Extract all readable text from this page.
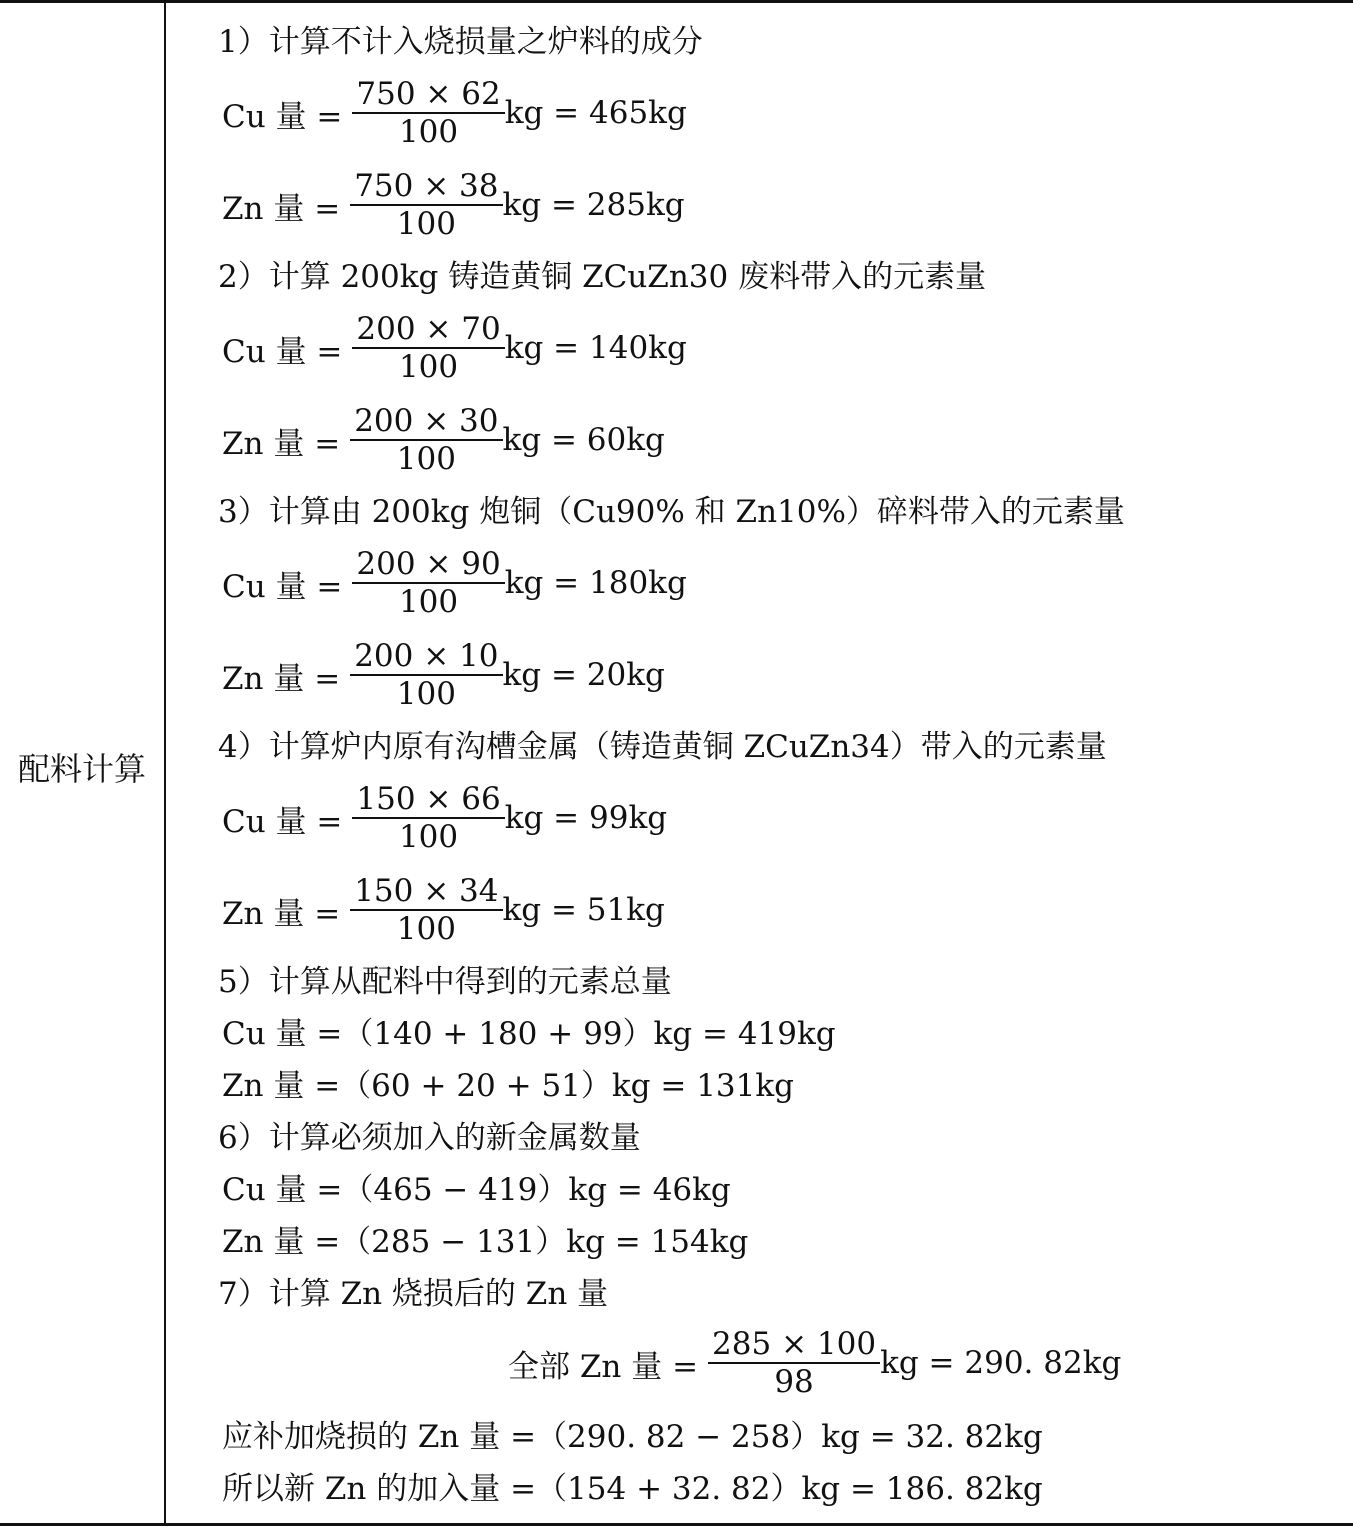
配料计算
1）计算不计入烧损量之炉料的成分
Cu 量 = $\frac{750 \times 62}{100}$ kg = 465kg
Zn 量 = $\frac{750 \times 38}{100}$ kg = 285kg
2）计算 200kg 铸造黄铜 ZCuZn30 废料带入的元素量
Cu 量 = $\frac{200 \times 70}{100}$ kg = 140kg
Zn 量 = $\frac{200 \times 30}{100}$ kg = 60kg
3）计算由 200kg 炮铜（Cu90% 和 Zn10%）碎料带入的元素量
Cu 量 = $\frac{200 \times 90}{100}$ kg = 180kg
Zn 量 = $\frac{200 \times 10}{100}$ kg = 20kg
4）计算炉内原有沟槽金属（铸造黄铜 ZCuZn34）带入的元素量
Cu 量 = $\frac{150 \times 66}{100}$ kg = 99kg
Zn 量 = $\frac{150 \times 34}{100}$ kg = 51kg
5）计算从配料中得到的元素总量
Cu 量 =（140 + 180 + 99）kg = 419kg
Zn 量 =（60 + 20 + 51）kg = 131kg
6）计算必须加入的新金属数量
Cu 量 =（465 − 419）kg = 46kg
Zn 量 =（285 − 131）kg = 154kg
7）计算 Zn 烧损后的 Zn 量
全部 Zn 量 = $\frac{285 \times 100}{98}$ kg = 290. 82kg
应补加烧损的 Zn 量 =（290. 82 − 258）kg = 32. 82kg
所以新 Zn 的加入量 =（154 + 32. 82）kg = 186. 82kg
